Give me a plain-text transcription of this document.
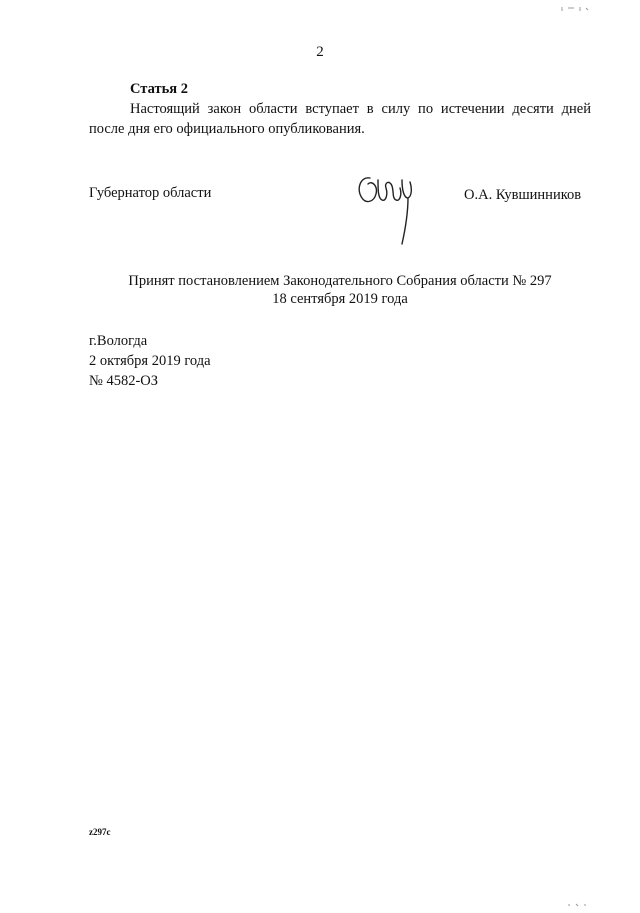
2
Статья 2
Настоящий закон области вступает в силу по истечении десяти дней после дня его официального опубликования.
Губернатор области	О.А. Кувшинников
Принят постановлением Законодательного Собрания области № 297
18 сентября 2019 года
г.Вологда
2 октября 2019 года
№ 4582-ОЗ
z297c
